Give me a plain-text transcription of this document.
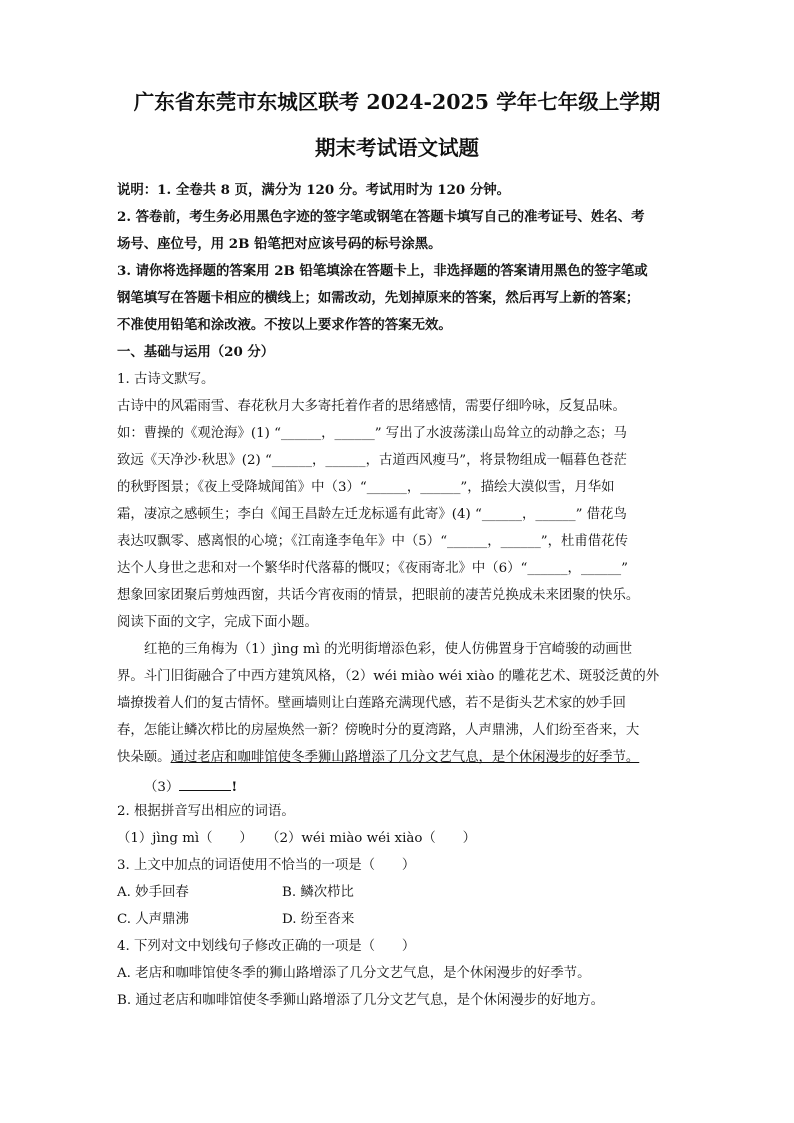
广东省东莞市东城区联考 2024-2025 学年七年级上学期
期末考试语文试题
说明：1. 全卷共 8 页，满分为 120 分。考试用时为 120 分钟。
2. 答卷前，考生务必用黑色字迹的签字笔或钢笔在答题卡填写自己的准考证号、姓名、考
场号、座位号，用 2B 铅笔把对应该号码的标号涂黑。
3. 请你将选择题的答案用 2B 铅笔填涂在答题卡上，非选择题的答案请用黑色的签字笔或
钢笔填写在答题卡相应的横线上；如需改动，先划掉原来的答案，然后再写上新的答案；
不准使用铅笔和涂改液。不按以上要求作答的答案无效。
一、基础与运用（20 分）
1. 古诗文默写。
古诗中的风霜雨雪、春花秋月大多寄托着作者的思绪感情，需要仔细吟咏，反复品味。
如：曹操的《观沧海》(1) “______，______” 写出了水波荡漾山岛耸立的动静之态；马
致远《天净沙·秋思》(2) “______，______，古道西风瘦马”，将景物组成一幅暮色苍茫
的秋野图景；《夜上受降城闻笛》中（3）“______，______”，描绘大漠似雪，月华如
霜，凄凉之感顿生；李白《闻王昌龄左迁龙标遥有此寄》(4) “______，______” 借花鸟
表达叹飘零、感离恨的心境；《江南逢李龟年》中（5）“______，______”，杜甫借花传
达个人身世之悲和对一个繁华时代落幕的慨叹；《夜雨寄北》中（6）“______，______”
想象回家团聚后剪烛西窗，共话今宵夜雨的情景，把眼前的凄苦兑换成未来团聚的快乐。
阅读下面的文字，完成下面小题。
红艳的三角梅为（1）jìng mì 的光明街增添色彩，使人仿佛置身于宫崎骏的动画世
界。斗门旧街融合了中西方建筑风格，（2）wéi miào wéi xiào 的雕花艺术、斑驳泛黄的外
墙撩拨着人们的复古情怀。壁画墙则让白莲路充满现代感，若不是街头艺术家的妙手回
春，怎能让鳞次栉比的房屋焕然一新？傍晚时分的夏湾路，人声鼎沸，人们纷至沓来，大
快朵颐。通过老店和咖啡馆使冬季狮山路增添了几分文艺气息，是个休闲漫步的好季节。
（3）	!
2. 根据拼音写出相应的词语。
（1）jìng mì（　　）　　（2）wéi miào wéi xiào（　　）
3. 上文中加点的词语使用不恰当的一项是（　　）
A. 妙手回春	B. 鳞次栉比
C. 人声鼎沸	D. 纷至沓来
4. 下列对文中划线句子修改正确的一项是（　　）
A. 老店和咖啡馆使冬季的狮山路增添了几分文艺气息，是个休闲漫步的好季节。
B. 通过老店和咖啡馆使冬季狮山路增添了几分文艺气息，是个休闲漫步的好地方。
